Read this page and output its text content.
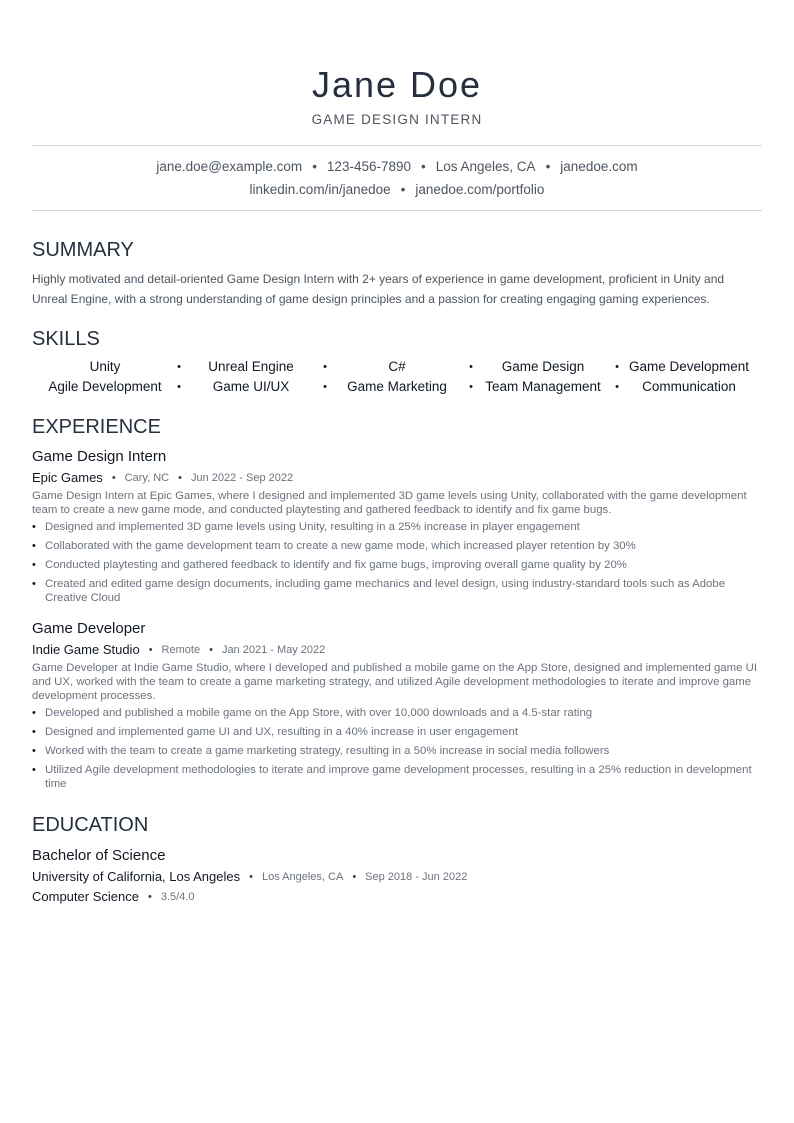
Jane Doe
GAME DESIGN INTERN
jane.doe@example.com • 123-456-7890 • Los Angeles, CA • janedoe.com
linkedin.com/in/janedoe • janedoe.com/portfolio
SUMMARY
Highly motivated and detail-oriented Game Design Intern with 2+ years of experience in game development, proficient in Unity and Unreal Engine, with a strong understanding of game design principles and a passion for creating engaging gaming experiences.
SKILLS
Unity	•	Unreal Engine	•	C#	•	Game Design	• Game Development
Agile Development •	Game UI/UX	•	Game Marketing • Team Management •	Communication
EXPERIENCE
Game Design Intern
Epic Games • Cary, NC • Jun 2022 - Sep 2022
Game Design Intern at Epic Games, where I designed and implemented 3D game levels using Unity, collaborated with the game development team to create a new game mode, and conducted playtesting and gathered feedback to identify and fix game bugs.
• Designed and implemented 3D game levels using Unity, resulting in a 25% increase in player engagement
• Collaborated with the game development team to create a new game mode, which increased player retention by 30%
• Conducted playtesting and gathered feedback to identify and fix game bugs, improving overall game quality by 20%
• Created and edited game design documents, including game mechanics and level design, using industry-standard tools such as Adobe Creative Cloud
Game Developer
Indie Game Studio • Remote • Jan 2021 - May 2022
Game Developer at Indie Game Studio, where I developed and published a mobile game on the App Store, designed and implemented game UI and UX, worked with the team to create a game marketing strategy, and utilized Agile development methodologies to iterate and improve game development processes.
• Developed and published a mobile game on the App Store, with over 10,000 downloads and a 4.5-star rating
• Designed and implemented game UI and UX, resulting in a 40% increase in user engagement
• Worked with the team to create a game marketing strategy, resulting in a 50% increase in social media followers
• Utilized Agile development methodologies to iterate and improve game development processes, resulting in a 25% reduction in development time
EDUCATION
Bachelor of Science
University of California, Los Angeles • Los Angeles, CA • Sep 2018 - Jun 2022
Computer Science • 3.5/4.0
